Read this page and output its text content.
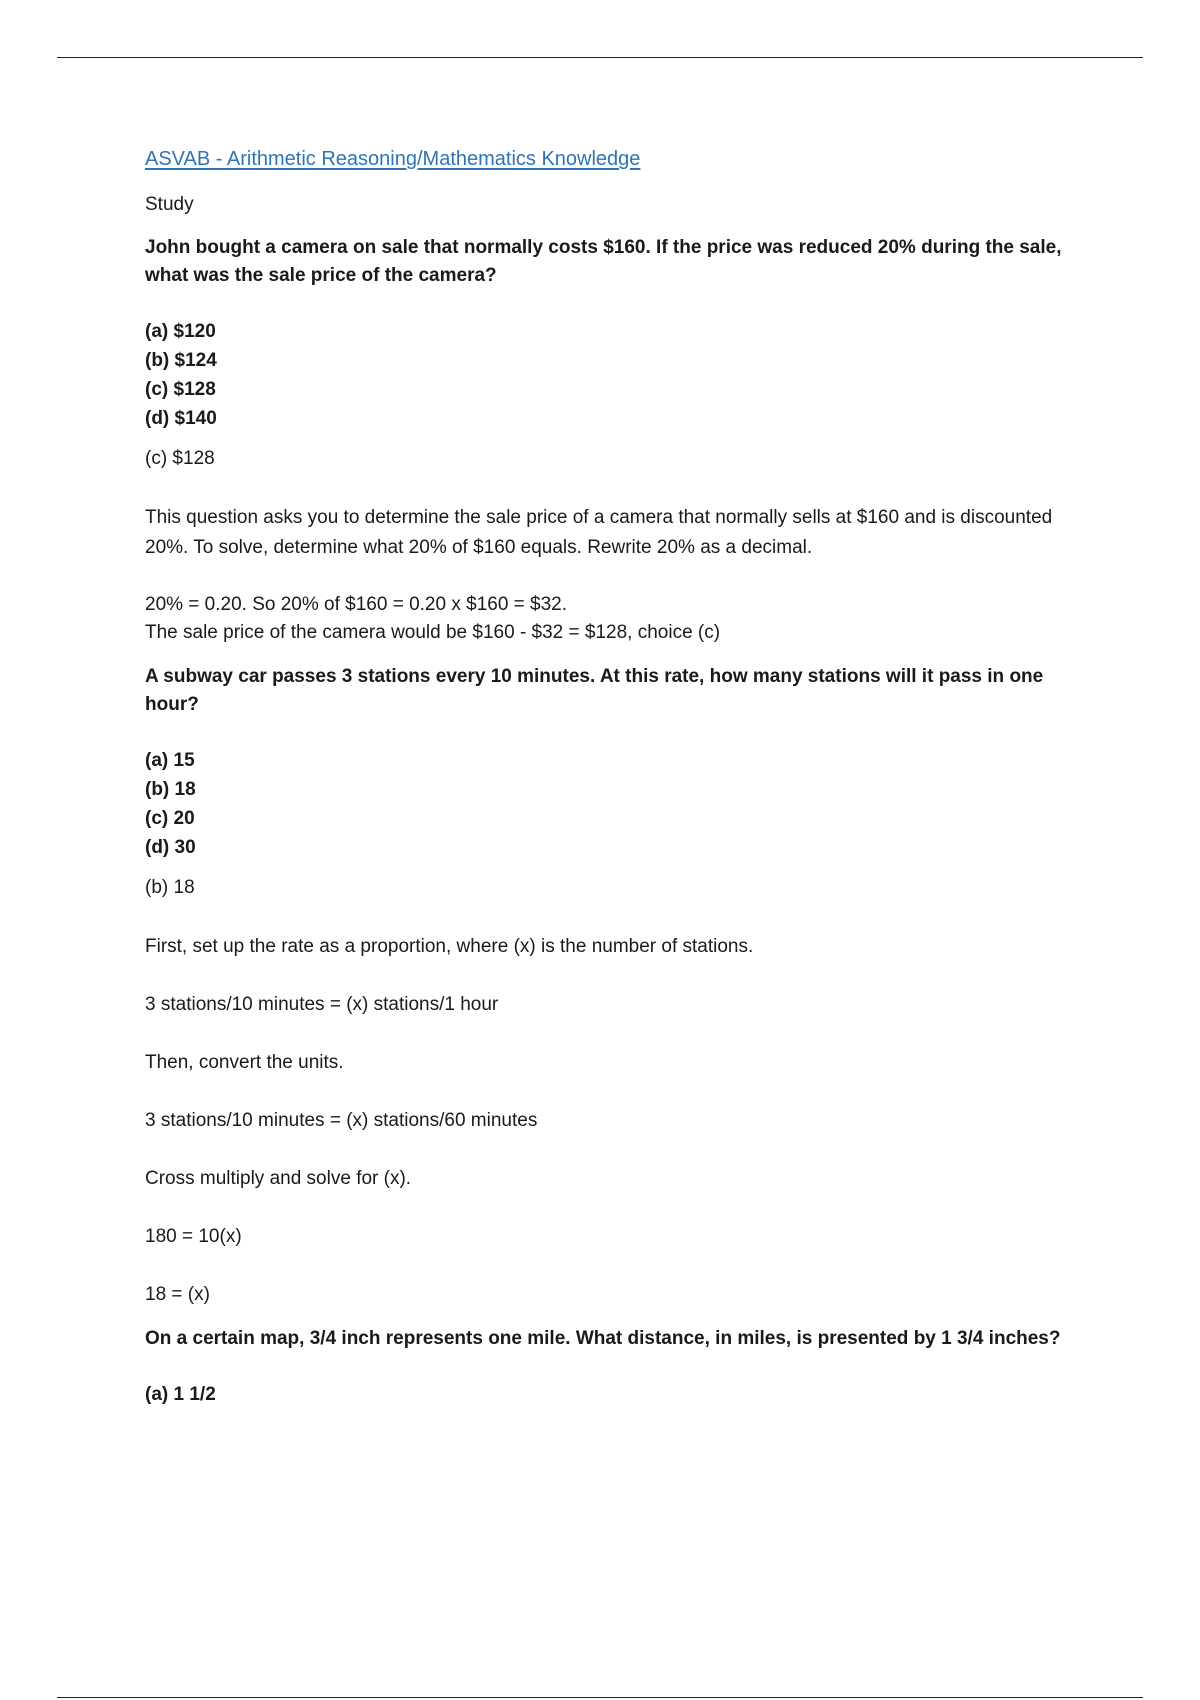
ASVAB - Arithmetic Reasoning/Mathematics Knowledge
Study
John bought a camera on sale that normally costs $160. If the price was reduced 20% during the sale, what was the sale price of the camera?
(a) $120
(b) $124
(c) $128
(d) $140
(c) $128
This question asks you to determine the sale price of a camera that normally sells at $160 and is discounted 20%. To solve, determine what 20% of $160 equals. Rewrite 20% as a decimal.
20% = 0.20. So 20% of $160 = 0.20 x $160 = $32.
The sale price of the camera would be $160 - $32 = $128, choice (c)
A subway car passes 3 stations every 10 minutes. At this rate, how many stations will it pass in one hour?
(a) 15
(b) 18
(c) 20
(d) 30
(b) 18
First, set up the rate as a proportion, where (x) is the number of stations.
3 stations/10 minutes = (x) stations/1 hour
Then, convert the units.
3 stations/10 minutes = (x) stations/60 minutes
Cross multiply and solve for (x).
180 = 10(x)
18 = (x)
On a certain map, 3/4 inch represents one mile. What distance, in miles, is presented by 1 3/4 inches?
(a) 1 1/2
